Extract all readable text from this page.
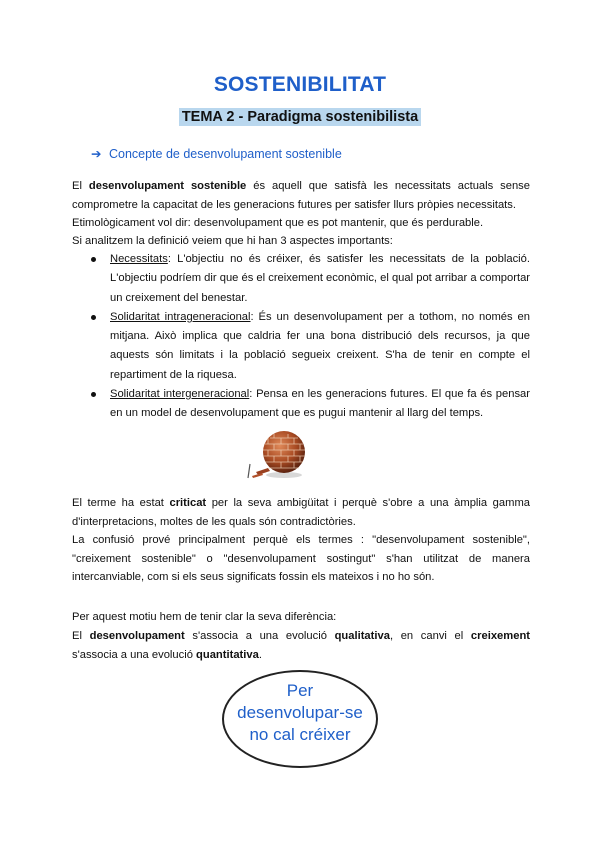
SOSTENIBILITAT
TEMA 2 - Paradigma sostenibilista
➔ Concepte de desenvolupament sostenible
El desenvolupament sostenible és aquell que satisfà les necessitats actuals sense comprometre la capacitat de les generacions futures per satisfer llurs pròpies necessitats.
Etimològicament vol dir: desenvolupament que es pot mantenir, que és perdurable.
Si analitzem la definició veiem que hi han 3 aspectes importants:
Necessitats: L'objectiu no és créixer, és satisfer les necessitats de la població. L'objectiu podríem dir que és el creixement econòmic, el qual pot arribar a comportar un creixement del benestar.
Solidaritat intrageneracional: És un desenvolupament per a tothom, no només en mitjana. Això implica que caldria fer una bona distribució dels recursos, ja que aquests són limitats i la població segueix creixent. S'ha de tenir en compte el repartiment de la riquesa.
Solidaritat intergeneracional: Pensa en les generacions futures. El que fa és pensar en un model de desenvolupament que es pugui mantenir al llarg del temps.
El terme ha estat criticat per la seva ambigüitat i perquè s'obre a una àmplia gamma d'interpretacions, moltes de les quals són contradictòries.
La confusió prové principalment perquè els termes : "desenvolupament sostenible", "creixement sostenible" o "desenvolupament sostingut" s'han utilitzat de manera intercanviable, com si els seus significats fossin els mateixos i no ho són.
Per aquest motiu hem de tenir clar la seva diferència:
El desenvolupament s'associa a una evolució qualitativa, en canvi el creixement s'associa a una evolució quantitativa.
Per
desenvolupar-se
no cal créixer
